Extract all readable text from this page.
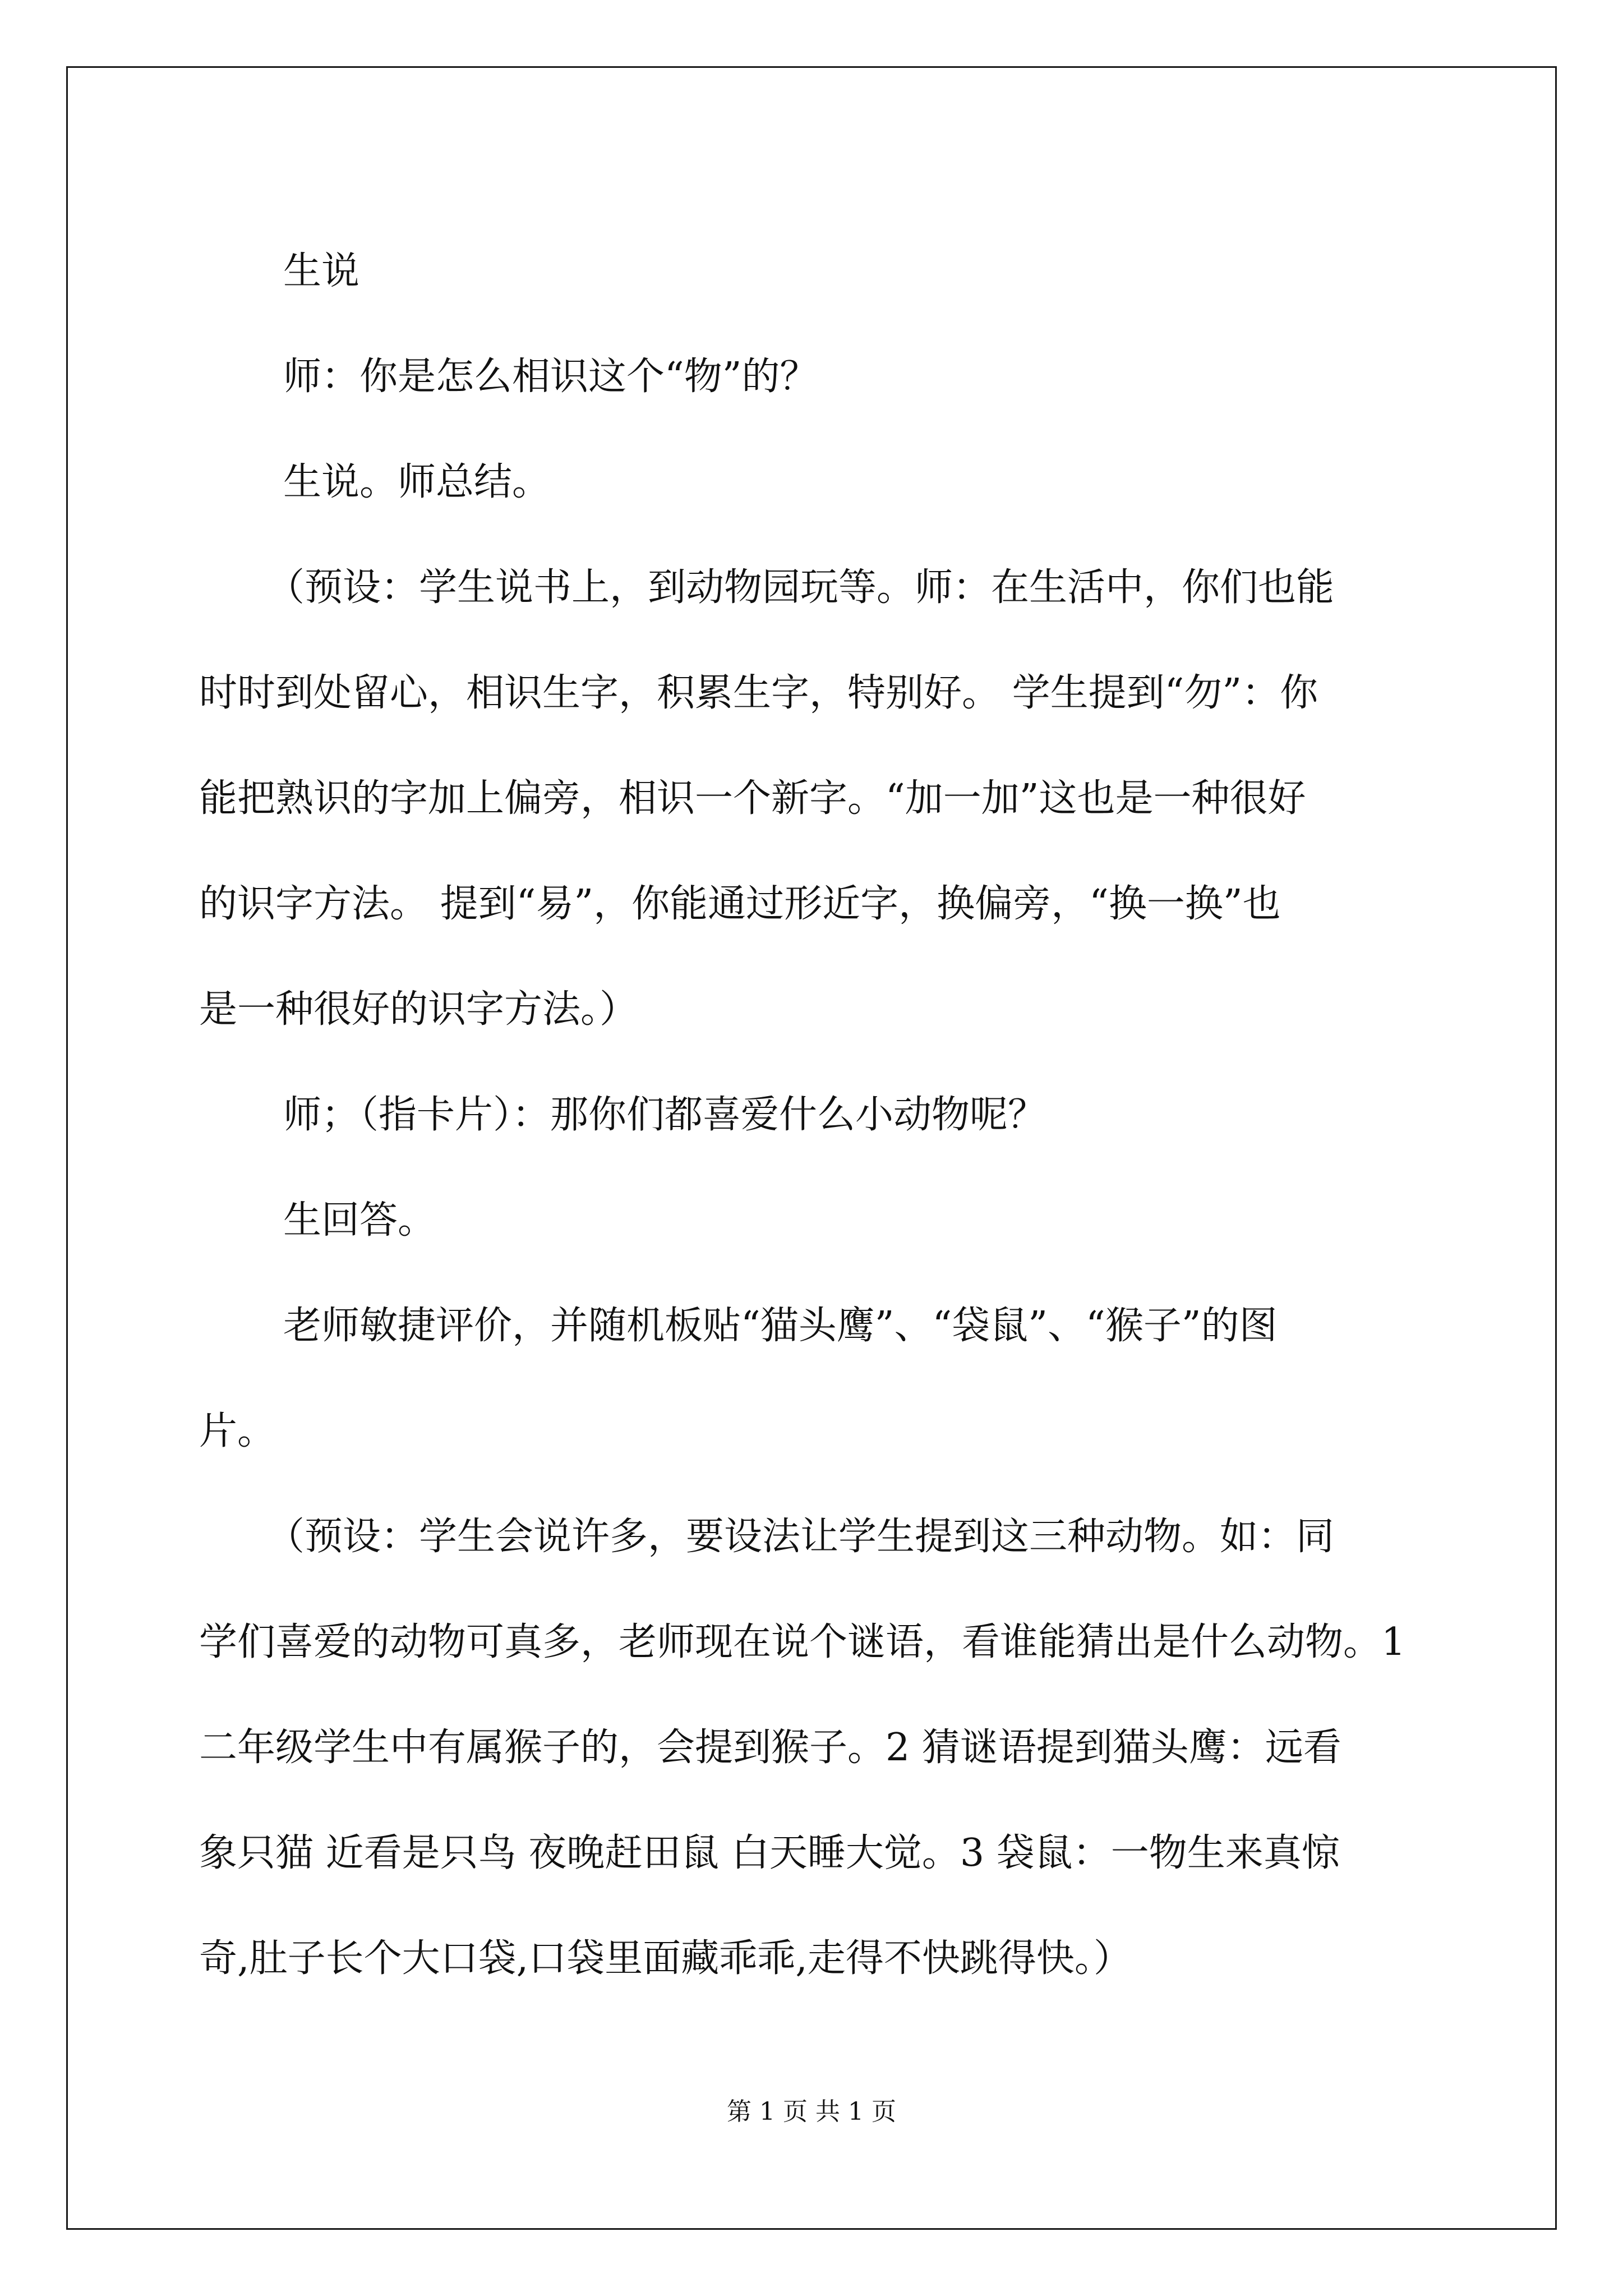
生说

师：你是怎么相识这个“物”的？

生说。师总结。

（预设：学生说书上，到动物园玩等。师：在生活中，你们也能
时时到处留心，相识生字，积累生字，特别好。 学生提到“勿”：你
能把熟识的字加上偏旁，相识一个新字。“加一加”这也是一种很好
的识字方法。 提到“易”，你能通过形近字，换偏旁，“换一换”也
是一种很好的识字方法。）

师；（指卡片）：那你们都喜爱什么小动物呢？

生回答。

老师敏捷评价，并随机板贴“猫头鹰”、“袋鼠”、“猴子”的图
片。

（预设：学生会说许多，要设法让学生提到这三种动物。如：同
学们喜爱的动物可真多，老师现在说个谜语，看谁能猜出是什么动物。1
二年级学生中有属猴子的，会提到猴子。2 猜谜语提到猫头鹰：远看
象只猫 近看是只鸟 夜晚赶田鼠 白天睡大觉。3 袋鼠：一物生来真惊
奇,肚子长个大口袋,口袋里面藏乖乖,走得不快跳得快。）

第 1 页 共 1 页
